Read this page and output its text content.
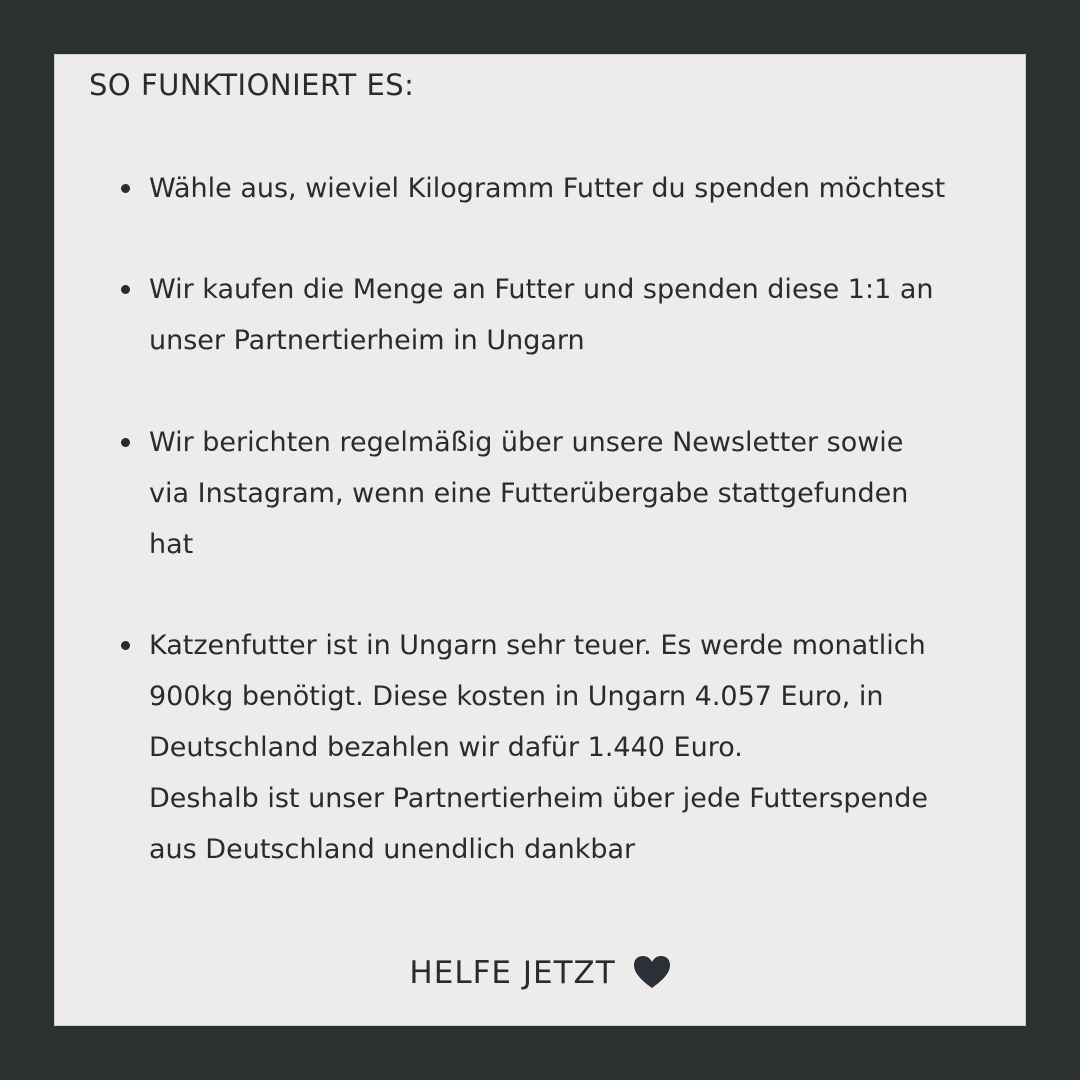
SO FUNKTIONIERT ES:
Wähle aus, wieviel Kilogramm Futter du spenden möchtest
Wir kaufen die Menge an Futter und spenden diese 1:1 an
unser Partnertierheim in Ungarn
Wir berichten regelmäßig über unsere Newsletter sowie
via Instagram, wenn eine Futterübergabe stattgefunden
hat
Katzenfutter ist in Ungarn sehr teuer. Es werde monatlich
900kg benötigt. Diese kosten in Ungarn 4.057 Euro, in
Deutschland bezahlen wir dafür 1.440 Euro.
Deshalb ist unser Partnertierheim über jede Futterspende
aus Deutschland unendlich dankbar
HELFE JETZT
